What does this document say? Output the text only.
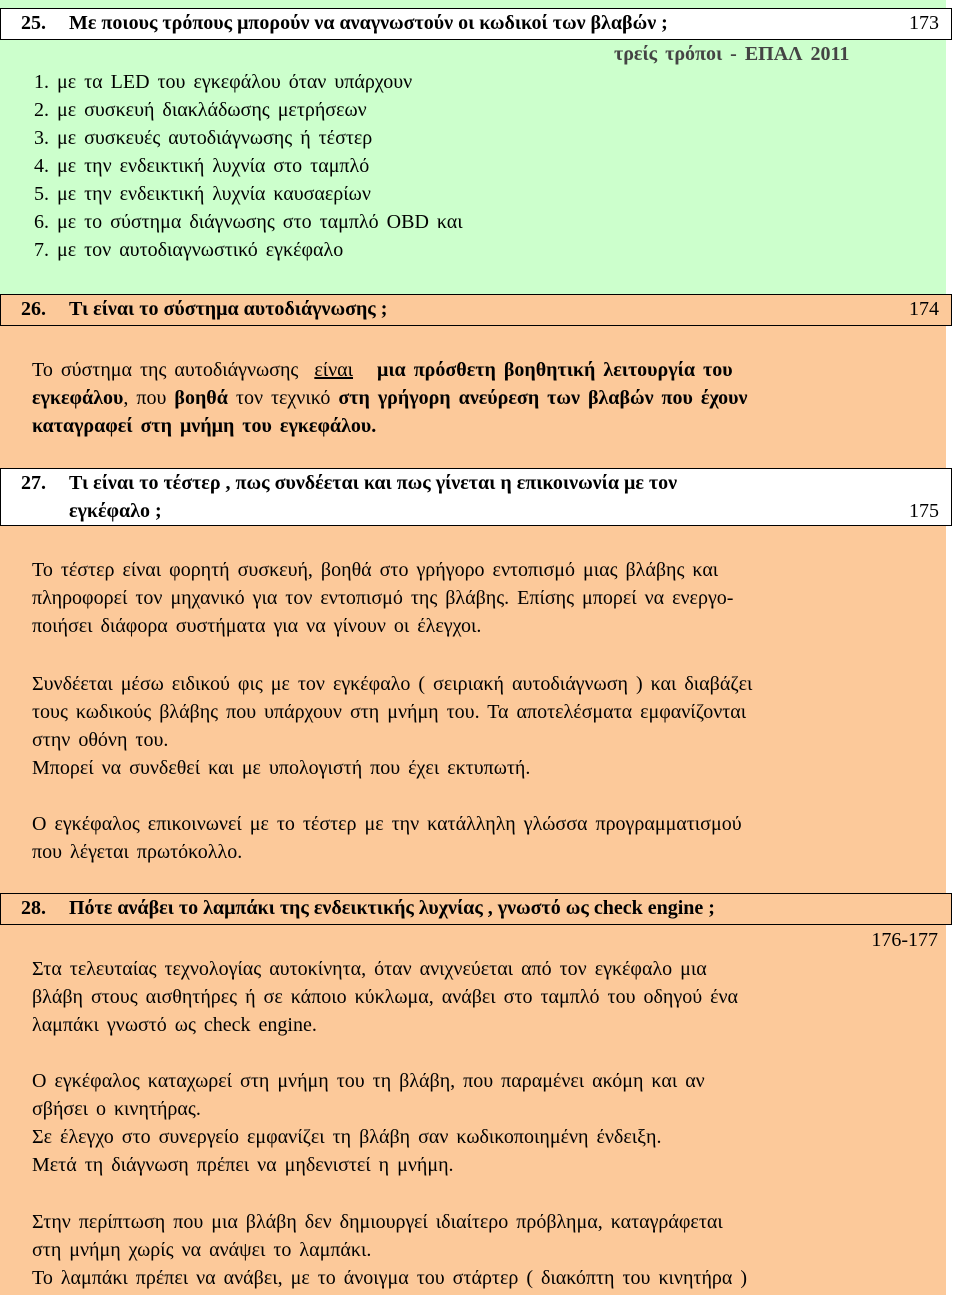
25. Με ποιους τρόπους μπορούν να αναγνωστούν οι κωδικοί των βλαβών ;	173
τρείς τρόποι - ΕΠΑΛ 2011
1. με τα LED του εγκεφάλου όταν υπάρχουν
2. με συσκευή διακλάδωσης μετρήσεων
3. με συσκευές αυτοδιάγνωσης ή τέστερ
4. με την ενδεικτική λυχνία στο ταμπλό
5. με την ενδεικτική λυχνία καυσαερίων
6. με το σύστημα διάγνωσης στο ταμπλό OBD και
7. με τον αυτοδιαγνωστικό εγκέφαλο
26. Τι είναι το σύστημα αυτοδιάγνωσης ;	174
Το σύστημα της αυτοδιάγνωσης είναι μια πρόσθετη βοηθητική λειτουργία του
εγκεφάλου, που βοηθά τον τεχνικό στη γρήγορη ανεύρεση των βλαβών που έχουν
καταγραφεί στη μνήμη του εγκεφάλου.
27. Τι είναι το τέστερ , πως συνδέεται και πως γίνεται η επικοινωνία με τον
εγκέφαλο ;	175
Το τέστερ είναι φορητή συσκευή, βοηθά στο γρήγορο εντοπισμό μιας βλάβης και
πληροφορεί τον μηχανικό για τον εντοπισμό της βλάβης. Επίσης μπορεί να ενεργο-
ποιήσει διάφορα συστήματα για να γίνουν οι έλεγχοι.
Συνδέεται μέσω ειδικού φις με τον εγκέφαλο ( σειριακή αυτοδιάγνωση ) και διαβάζει
τους κωδικούς βλάβης που υπάρχουν στη μνήμη του. Τα αποτελέσματα εμφανίζονται
στην οθόνη του.
Μπορεί να συνδεθεί και με υπολογιστή που έχει εκτυπωτή.
Ο εγκέφαλος επικοινωνεί με το τέστερ με την κατάλληλη γλώσσα προγραμματισμού
που λέγεται πρωτόκολλο.
28. Πότε ανάβει το λαμπάκι της ενδεικτικής λυχνίας , γνωστό ως check engine ;
176-177
Στα τελευταίας τεχνολογίας αυτοκίνητα, όταν ανιχνεύεται από τον εγκέφαλο μια
βλάβη στους αισθητήρες ή σε κάποιο κύκλωμα, ανάβει στο ταμπλό του οδηγού ένα
λαμπάκι γνωστό ως check engine.
Ο εγκέφαλος καταχωρεί στη μνήμη του τη βλάβη, που παραμένει ακόμη και αν
σβήσει ο κινητήρας.
Σε έλεγχο στο συνεργείο εμφανίζει τη βλάβη σαν κωδικοποιημένη ένδειξη.
Μετά τη διάγνωση πρέπει να μηδενιστεί η μνήμη.
Στην περίπτωση που μια βλάβη δεν δημιουργεί ιδιαίτερο πρόβλημα, καταγράφεται
στη μνήμη χωρίς να ανάψει το λαμπάκι.
Το λαμπάκι πρέπει να ανάβει, με το άνοιγμα του στάρτερ ( διακόπτη του κινητήρα )
